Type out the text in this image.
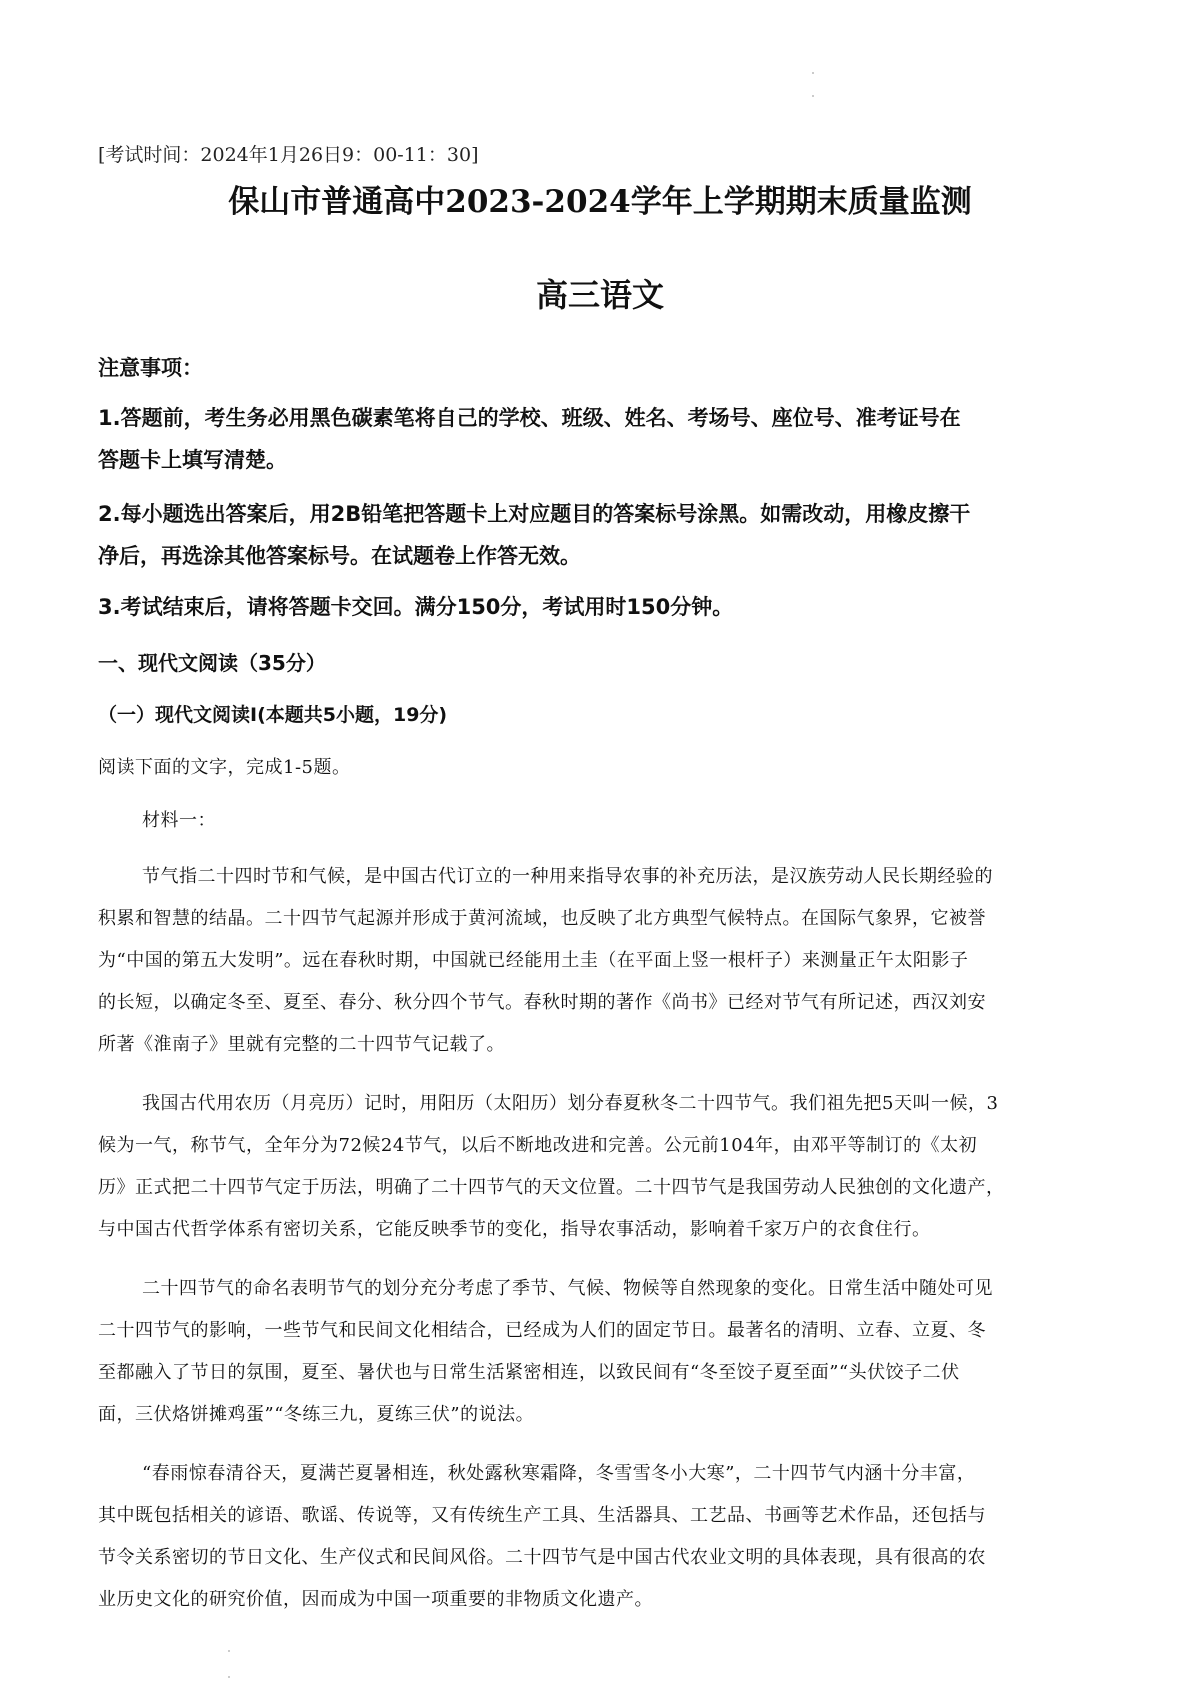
[考试时间：2024年1月26日9：00-11：30]
保山市普通高中2023-2024学年上学期期末质量监测
高三语文
注意事项：
1.答题前，考生务必用黑色碳素笔将自己的学校、班级、姓名、考场号、座位号、准考证号在
答题卡上填写清楚。
2.每小题选出答案后，用2B铅笔把答题卡上对应题目的答案标号涂黑。如需改动，用橡皮擦干
净后，再选涂其他答案标号。在试题卷上作答无效。
3.考试结束后，请将答题卡交回。满分150分，考试用时150分钟。
一、现代文阅读（35分）
（一）现代文阅读Ⅰ(本题共5小题，19分)
阅读下面的文字，完成1-5题。
材料一：
节气指二十四时节和气候，是中国古代订立的一种用来指导农事的补充历法，是汉族劳动人民长期经验的
积累和智慧的结晶。二十四节气起源并形成于黄河流域，也反映了北方典型气候特点。在国际气象界，它被誉
为“中国的第五大发明”。远在春秋时期，中国就已经能用土圭（在平面上竖一根杆子）来测量正午太阳影子
的长短，以确定冬至、夏至、春分、秋分四个节气。春秋时期的著作《尚书》已经对节气有所记述，西汉刘安
所著《淮南子》里就有完整的二十四节气记载了。
我国古代用农历（月亮历）记时，用阳历（太阳历）划分春夏秋冬二十四节气。我们祖先把5天叫一候，3
候为一气，称节气，全年分为72候24节气，以后不断地改进和完善。公元前104年，由邓平等制订的《太初
历》正式把二十四节气定于历法，明确了二十四节气的天文位置。二十四节气是我国劳动人民独创的文化遗产，
与中国古代哲学体系有密切关系，它能反映季节的变化，指导农事活动，影响着千家万户的衣食住行。
二十四节气的命名表明节气的划分充分考虑了季节、气候、物候等自然现象的变化。日常生活中随处可见
二十四节气的影响，一些节气和民间文化相结合，已经成为人们的固定节日。最著名的清明、立春、立夏、冬
至都融入了节日的氛围，夏至、暑伏也与日常生活紧密相连，以致民间有“冬至饺子夏至面”“头伏饺子二伏
面，三伏烙饼摊鸡蛋”“冬练三九，夏练三伏”的说法。
“春雨惊春清谷天，夏满芒夏暑相连，秋处露秋寒霜降，冬雪雪冬小大寒”，二十四节气内涵十分丰富，
其中既包括相关的谚语、歌谣、传说等，又有传统生产工具、生活器具、工艺品、书画等艺术作品，还包括与
节令关系密切的节日文化、生产仪式和民间风俗。二十四节气是中国古代农业文明的具体表现，具有很高的农
业历史文化的研究价值，因而成为中国一项重要的非物质文化遗产。
